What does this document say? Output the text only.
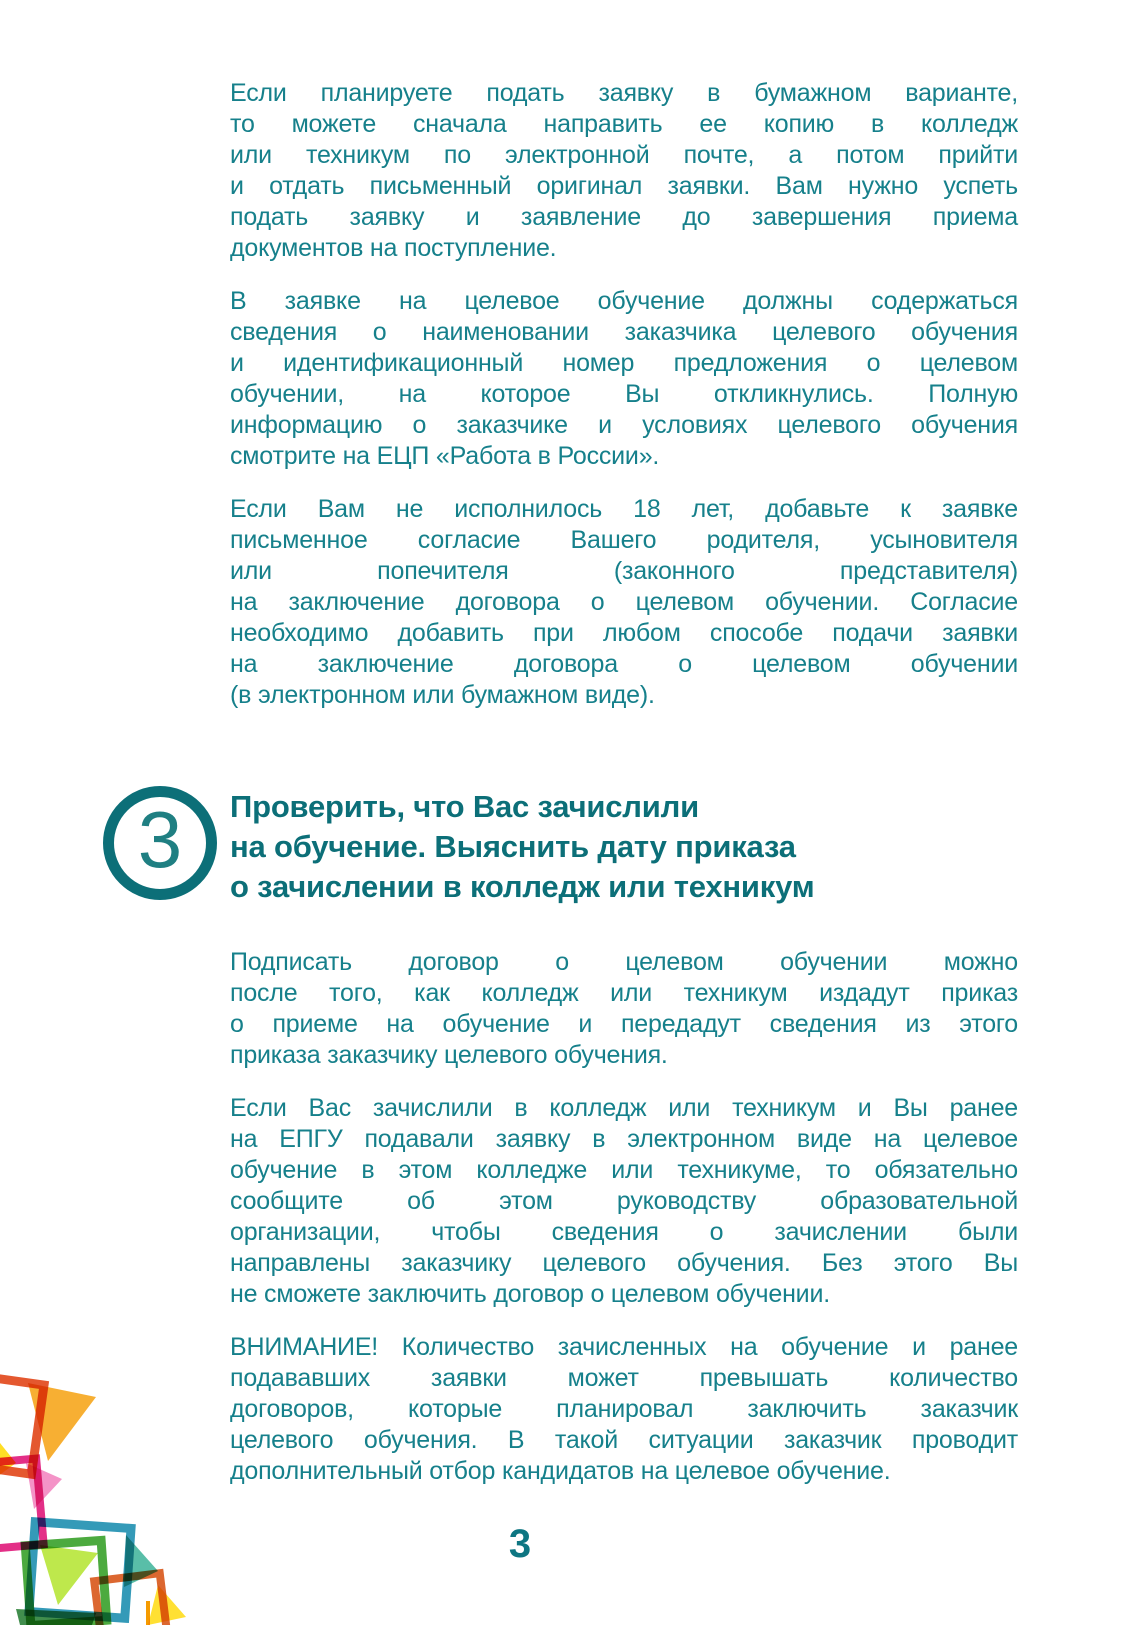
Если планируете подать заявку в бумажном варианте,
то можете сначала направить ее копию в колледж
или техникум по электронной почте, а потом прийти
и отдать письменный оригинал заявки. Вам нужно успеть
подать заявку и заявление до завершения приема
документов на поступление.
В заявке на целевое обучение должны содержаться
сведения о наименовании заказчика целевого обучения
и идентификационный номер предложения о целевом
обучении, на которое Вы откликнулись. Полную
информацию о заказчике и условиях целевого обучения
смотрите на ЕЦП «Работа в России».
Если Вам не исполнилось 18 лет, добавьте к заявке
письменное согласие Вашего родителя, усыновителя
или попечителя (законного представителя)
на заключение договора о целевом обучении. Согласие
необходимо добавить при любом способе подачи заявки
на заключение договора о целевом обучении
(в электронном или бумажном виде).
Проверить, что Вас зачислили
на обучение. Выяснить дату приказа
о зачислении в колледж или техникум
Подписать договор о целевом обучении можно
после того, как колледж или техникум издадут приказ
о приеме на обучение и передадут сведения из этого
приказа заказчику целевого обучения.
Если Вас зачислили в колледж или техникум и Вы ранее
на ЕПГУ подавали заявку в электронном виде на целевое
обучение в этом колледже или техникуме, то обязательно
сообщите об этом руководству образовательной
организации, чтобы сведения о зачислении были
направлены заказчику целевого обучения. Без этого Вы
не сможете заключить договор о целевом обучении.
ВНИМАНИЕ! Количество зачисленных на обучение и ранее
подававших заявки может превышать количество
договоров, которые планировал заключить заказчик
целевого обучения. В такой ситуации заказчик проводит
дополнительный отбор кандидатов на целевое обучение.
3
3
